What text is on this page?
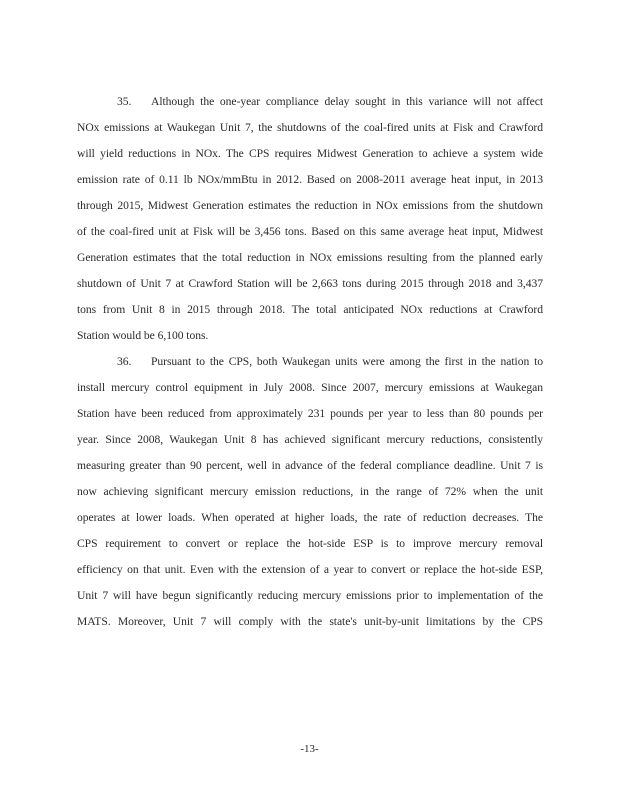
35. Although the one-year compliance delay sought in this variance will not affect
NOx emissions at Waukegan Unit 7, the shutdowns of the coal-fired units at Fisk and Crawford
will yield reductions in NOx. The CPS requires Midwest Generation to achieve a system wide
emission rate of 0.11 lb NOx/mmBtu in 2012. Based on 2008-2011 average heat input, in 2013
through 2015, Midwest Generation estimates the reduction in NOx emissions from the shutdown
of the coal-fired unit at Fisk will be 3,456 tons. Based on this same average heat input, Midwest
Generation estimates that the total reduction in NOx emissions resulting from the planned early
shutdown of Unit 7 at Crawford Station will be 2,663 tons during 2015 through 2018 and 3,437
tons from Unit 8 in 2015 through 2018. The total anticipated NOx reductions at Crawford
Station would be 6,100 tons.
36. Pursuant to the CPS, both Waukegan units were among the first in the nation to
install mercury control equipment in July 2008. Since 2007, mercury emissions at Waukegan
Station have been reduced from approximately 231 pounds per year to less than 80 pounds per
year. Since 2008, Waukegan Unit 8 has achieved significant mercury reductions, consistently
measuring greater than 90 percent, well in advance of the federal compliance deadline. Unit 7 is
now achieving significant mercury emission reductions, in the range of 72% when the unit
operates at lower loads. When operated at higher loads, the rate of reduction decreases. The
CPS requirement to convert or replace the hot-side ESP is to improve mercury removal
efficiency on that unit. Even with the extension of a year to convert or replace the hot-side ESP,
Unit 7 will have begun significantly reducing mercury emissions prior to implementation of the
MATS. Moreover, Unit 7 will comply with the state's unit-by-unit limitations by the CPS
-13-
